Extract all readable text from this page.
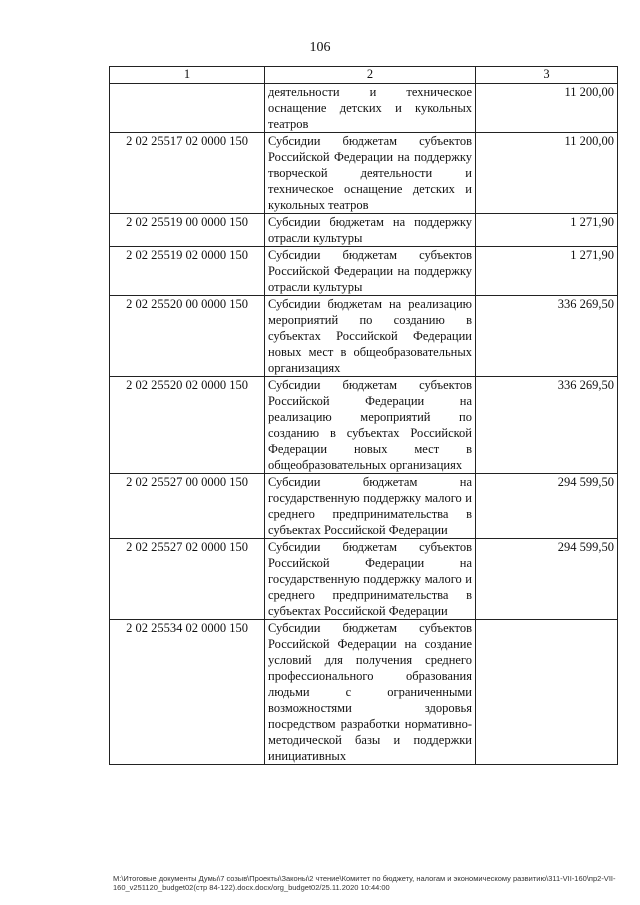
106
1	2	3
	деятельности и техническое оснащение детских и кукольных театров	11 200,00
2 02 25517 02 0000 150	Субсидии бюджетам субъектов Российской Федерации на поддержку творческой деятельности и техническое оснащение детских и кукольных театров	11 200,00
2 02 25519 00 0000 150	Субсидии бюджетам на поддержку отрасли культуры	1 271,90
2 02 25519 02 0000 150	Субсидии бюджетам субъектов Российской Федерации на поддержку отрасли культуры	1 271,90
2 02 25520 00 0000 150	Субсидии бюджетам на реализацию мероприятий по созданию в субъектах Российской Федерации новых мест в общеобразовательных организациях	336 269,50
2 02 25520 02 0000 150	Субсидии бюджетам субъектов Российской Федерации на реализацию мероприятий по созданию в субъектах Российской Федерации новых мест в общеобразовательных организациях	336 269,50
2 02 25527 00 0000 150	Субсидии бюджетам на государственную поддержку малого и среднего предпринимательства в субъектах Российской Федерации	294 599,50
2 02 25527 02 0000 150	Субсидии бюджетам субъектов Российской Федерации на государственную поддержку малого и среднего предпринимательства в субъектах Российской Федерации	294 599,50
2 02 25534 02 0000 150	Субсидии бюджетам субъектов Российской Федерации на создание условий для получения среднего профессионального образования людьми с ограниченными возможностями здоровья посредством разработки нормативно-методической базы и поддержки инициативных	
M:\Итоговые документы Думы\7 созыв\Проекты\Законы\2 чтение\Комитет по бюджету, налогам и экономическому развитию\311-VII-160\пр2-VII-160_v251120_budget02(стр 84-122).docx.docx/org_budget02/25.11.2020 10:44:00
